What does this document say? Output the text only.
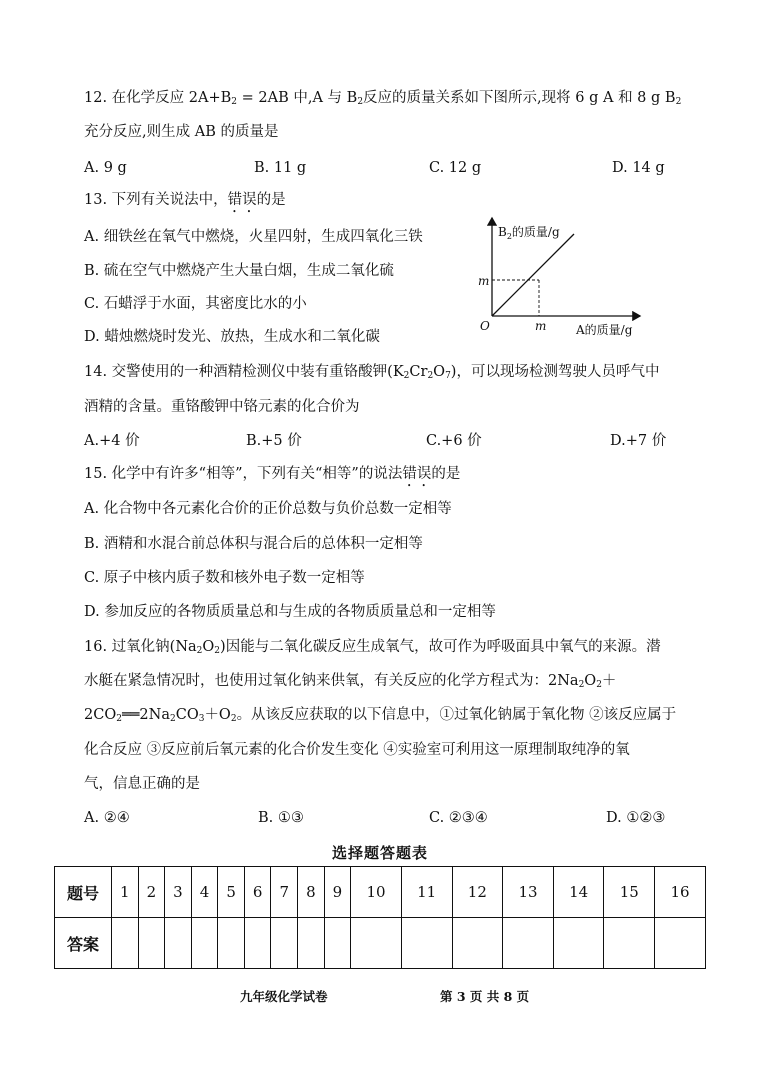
12. 在化学反应 $2A+B_2 = 2AB$ 中,A 与 $B_2$反应的质量关系如下图所示,现将 6 g A 和 8 g $B_2$
充分反应,则生成 AB 的质量是
A. 9 g	B. 11 g	C. 12 g	D. 14 g
13. 下列有关说法中，错误的是
A. 细铁丝在氧气中燃烧，火星四射，生成四氧化三铁
B. 硫在空气中燃烧产生大量白烟，生成二氧化硫
C. 石蜡浮于水面，其密度比水的小
D. 蜡烛燃烧时发光、放热，生成水和二氧化碳
$B_2$的质量/g
m
O	m A的质量/g
14. 交警使用的一种酒精检测仪中装有重铬酸钾$(K_2Cr_2O_7)$，可以现场检测驾驶人员呼气中
酒精的含量。重铬酸钾中铬元素的化合价为
A.+4 价	B.+5 价	C.+6 价	D.+7 价
15. 化学中有许多“相等”，下列有关“相等”的说法错误的是
A. 化合物中各元素化合价的正价总数与负价总数一定相等
B. 酒精和水混合前总体积与混合后的总体积一定相等
C. 原子中核内质子数和核外电子数一定相等
D. 参加反应的各物质质量总和与生成的各物质质量总和一定相等
16. 过氧化钠$(Na_2O_2)$因能与二氧化碳反应生成氧气，故可作为呼吸面具中氧气的来源。潜
水艇在紧急情况时，也使用过氧化钠来供氧，有关反应的化学方程式为：$2Na_2O_2+$
$2CO_2══2Na_2CO_3+O_2$。从该反应获取的以下信息中，①过氧化钠属于氧化物 ②该反应属于
化合反应 ③反应前后氧元素的化合价发生变化 ④实验室可利用这一原理制取纯净的氧
气，信息正确的是
A. ②④	B. ①③	C. ②③④	D. ①②③
选择题答题表
题号	1	2	3	4	5	6	7	8	9	10	11	12	13	14	15	16
答案																
九年级化学试卷	第 3 页 共 8 页
